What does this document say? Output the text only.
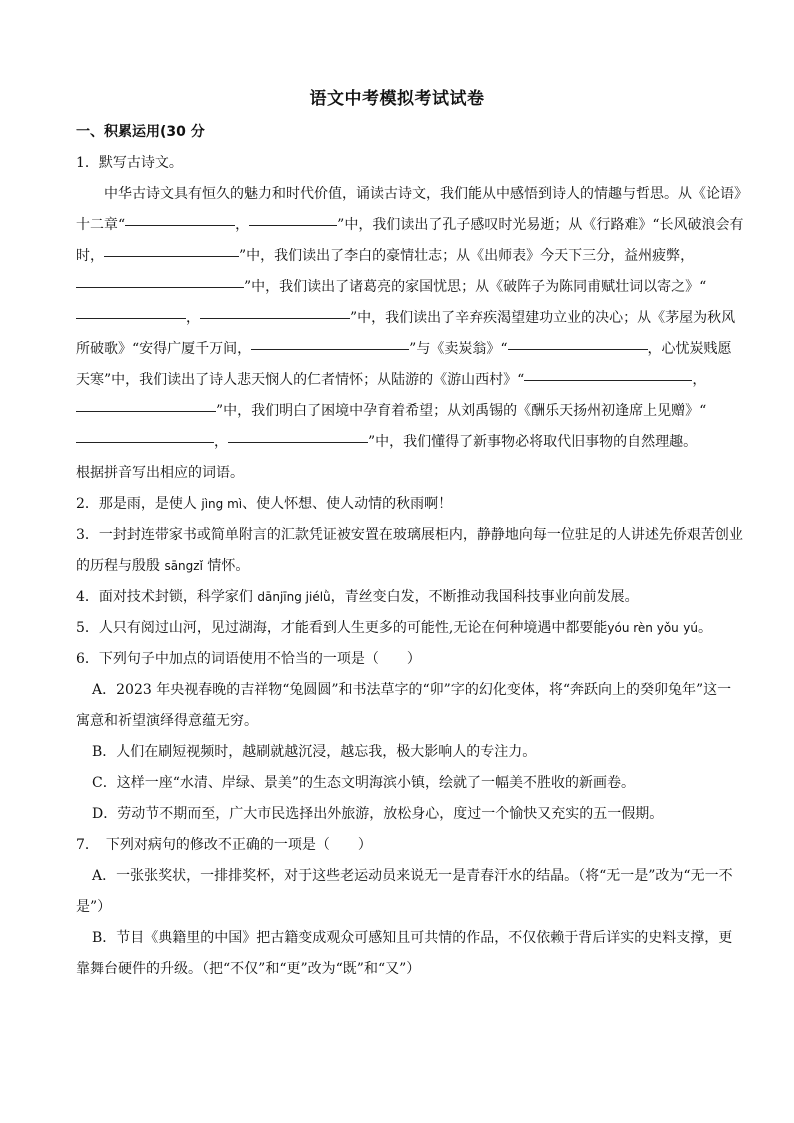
语文中考模拟考试试卷

一、积累运用(30 分

1．默写古诗文。

中华古诗文具有恒久的魅力和时代价值，诵读古诗文，我们能从中感悟到诗人的情趣与哲思。从《论语》十二章“	，	”中，我们读出了孔子感叹时光易逝；从《行路难》“长风破浪会有时，	”中，我们读出了李白的豪情壮志；从《出师表》今天下三分，益州疲弊，”中，我们读出了诸葛亮的家国忧思；从《破阵子为陈同甫赋壮词以寄之》“，	”中，我们读出了辛弃疾渴望建功立业的决心；从《茅屋为秋风所破歌》“安得广厦千万间，	”与《卖炭翁》“	，心忧炭贱愿天寒”中，我们读出了诗人悲天悯人的仁者情怀；从陆游的《游山西村》“	，”中，我们明白了困境中孕育着希望；从刘禹锡的《酬乐天扬州初逢席上见赠》“，	”中，我们懂得了新事物必将取代旧事物的自然理趣。

根据拼音写出相应的词语。

2．那是雨，是使人 jìng mì、使人怀想、使人动情的秋雨啊！

3．一封封连带家书或简单附言的汇款凭证被安置在玻璃展柜内，静静地向每一位驻足的人讲述先侨艰苦创业的历程与殷殷 sāngzǐ 情怀。

4．面对技术封锁，科学家们 dānjīng jiélǜ，青丝变白发，不断推动我国科技事业向前发展。

5．人只有阅过山河，见过湖海，才能看到人生更多的可能性,无论在何种境遇中都要能yóu rèn yǒu yú。

6．下列句子中加点的词语使用不恰当的一项是（　　）

A．2023 年央视春晚的吉祥物“兔圆圆”和书法草字的“卯”字的幻化变体，将“奔跃向上的癸卯兔年”这一寓意和祈望演绎得意蕴无穷。

B．人们在刷短视频时，越刷就越沉浸，越忘我，极大影响人的专注力。

C．这样一座“水清、岸绿、景美”的生态文明海滨小镇，绘就了一幅美不胜收的新画卷。

D．劳动节不期而至，广大市民选择出外旅游，放松身心，度过一个愉快又充实的五一假期。

7．　下列对病句的修改不正确的一项是（　　）

A．一张张奖状，一排排奖杯，对于这些老运动员来说无一是青春汗水的结晶。（将“无一是”改为“无一不是”）

B．节目《典籍里的中国》把古籍变成观众可感知且可共情的作品，不仅依赖于背后详实的史料支撑，更靠舞台硬件的升级。（把“不仅”和“更”改为“既”和“又”）
